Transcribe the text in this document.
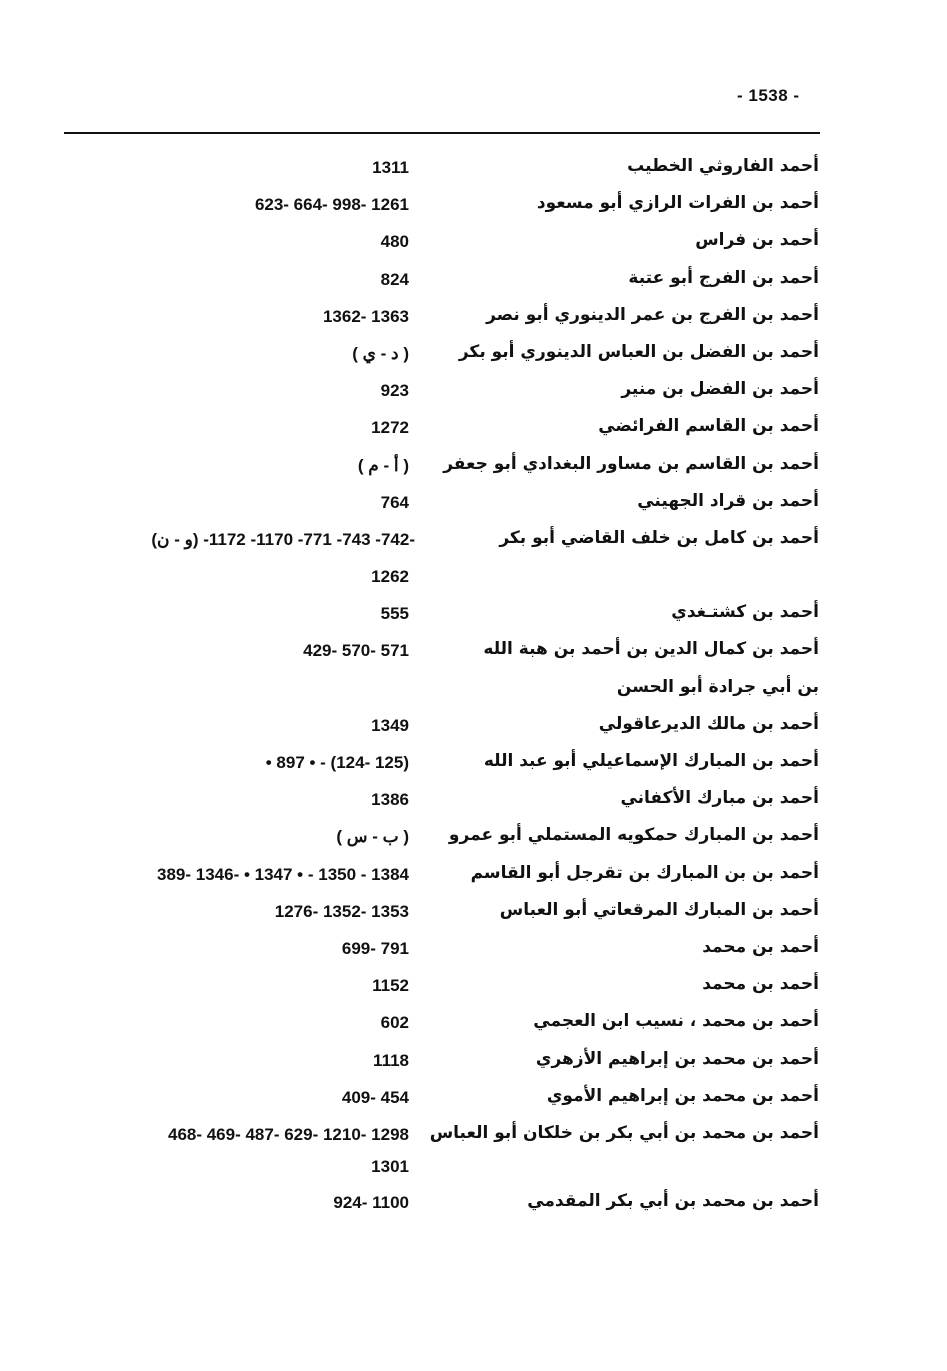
- 1538 -
أحمد الفاروثي الخطيب
1311
أحمد بن الفرات الرازي أبو مسعود
623- 664- 998- 1261
أحمد بن فراس
480
أحمد بن الفرج أبو عتبة
824
أحمد بن الفرج بن عمر الدينوري أبو نصر
1362- 1363
أحمد بن الفضل بن العباس الدينوري أبو بكر
( د - ي )
أحمد بن الفضل بن منير
923
أحمد بن القاسم الفرائضي
1272
أحمد بن القاسم بن مساور البغدادي أبو جعفر
( أ - م )
أحمد بن قراد الجهيني
764
أحمد بن كامل بن خلف القاضي أبو بكر
(و - ن) -742- 743- 771- 1170- 1172-
1262
أحمد بن كشتـغدي
555
أحمد بن كمال الدين بن أحمد بن هبة الله
429- 570- 571
بن أبي جرادة أبو الحسن
أحمد بن مالك الديرعاقولي
1349
أحمد بن المبارك الإسماعيلي أبو عبد الله
• 897 • - (124- 125)
أحمد بن مبارك الأكفاني
1386
أحمد بن المبارك حمكويه المستملي أبو عمرو
( ب - س )
أحمد بن بن المبارك بن تقرجل أبو القاسم
389- 1346- • 1347 • - 1350 - 1384
أحمد بن المبارك المرقعاتي أبو العباس
1276- 1352- 1353
أحمد بن محمد
699- 791
أحمد بن محمد
1152
أحمد بن محمد ، نسيب ابن العجمي
602
أحمد بن محمد بن إبراهيم الأزهري
1118
أحمد بن محمد بن إبراهيم الأموي
409- 454
أحمد بن محمد بن أبي بكر بن خلكان أبو العباس
468- 469- 487- 629- 1210- 1298
1301
أحمد بن محمد بن أبي بكر المقدمي
924- 1100
